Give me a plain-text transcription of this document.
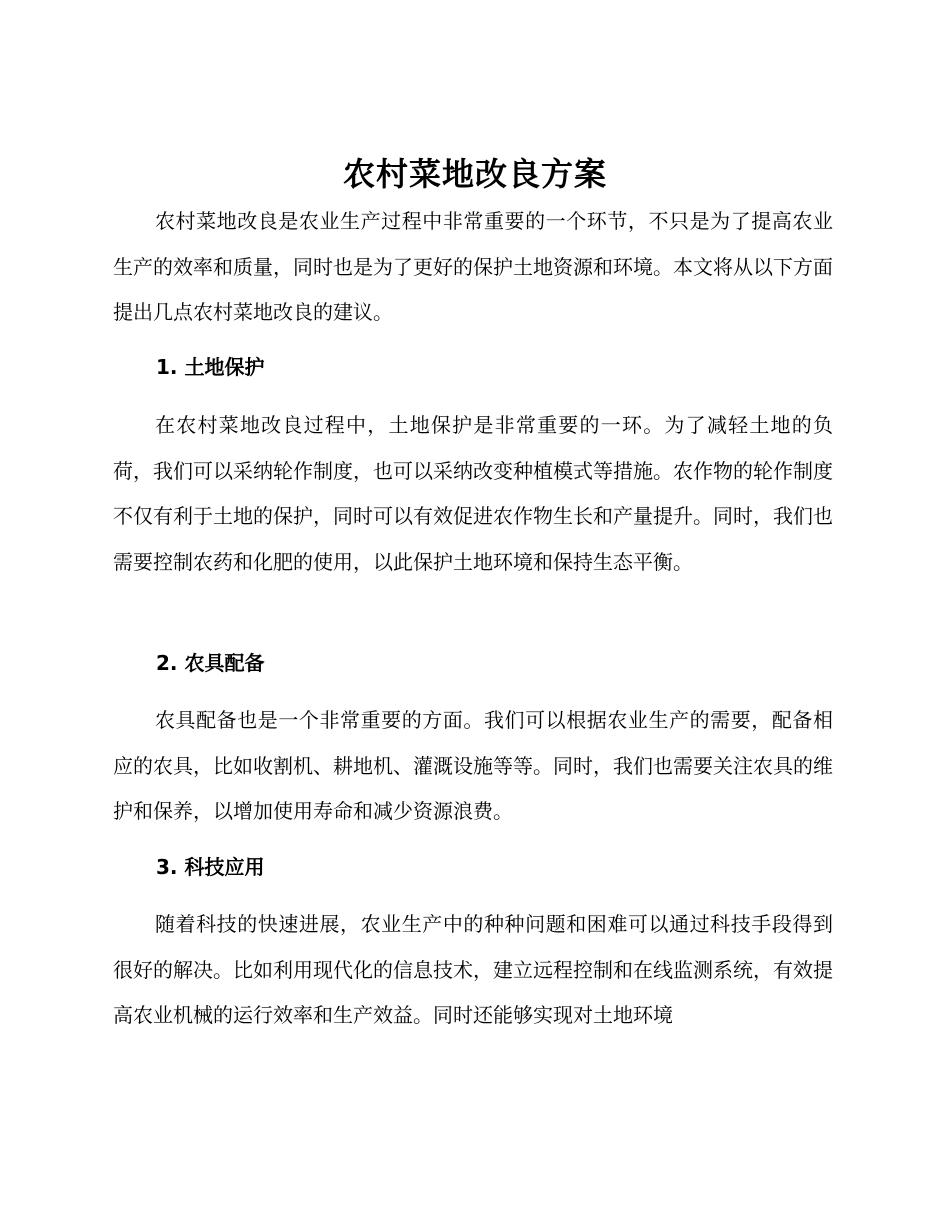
农村菜地改良方案

农村菜地改良是农业生产过程中非常重要的一个环节，不只是为了提高农业生产的效率和质量，同时也是为了更好的保护土地资源和环境。本文将从以下方面提出几点农村菜地改良的建议。

1. 土地保护

在农村菜地改良过程中，土地保护是非常重要的一环。为了减轻土地的负荷，我们可以采纳轮作制度，也可以采纳改变种植模式等措施。农作物的轮作制度不仅有利于土地的保护，同时可以有效促进农作物生长和产量提升。同时，我们也需要控制农药和化肥的使用，以此保护土地环境和保持生态平衡。

2. 农具配备

农具配备也是一个非常重要的方面。我们可以根据农业生产的需要，配备相应的农具，比如收割机、耕地机、灌溉设施等等。同时，我们也需要关注农具的维护和保养，以增加使用寿命和减少资源浪费。

3. 科技应用

随着科技的快速进展，农业生产中的种种问题和困难可以通过科技手段得到很好的解决。比如利用现代化的信息技术，建立远程控制和在线监测系统，有效提高农业机械的运行效率和生产效益。同时还能够实现对土地环境
